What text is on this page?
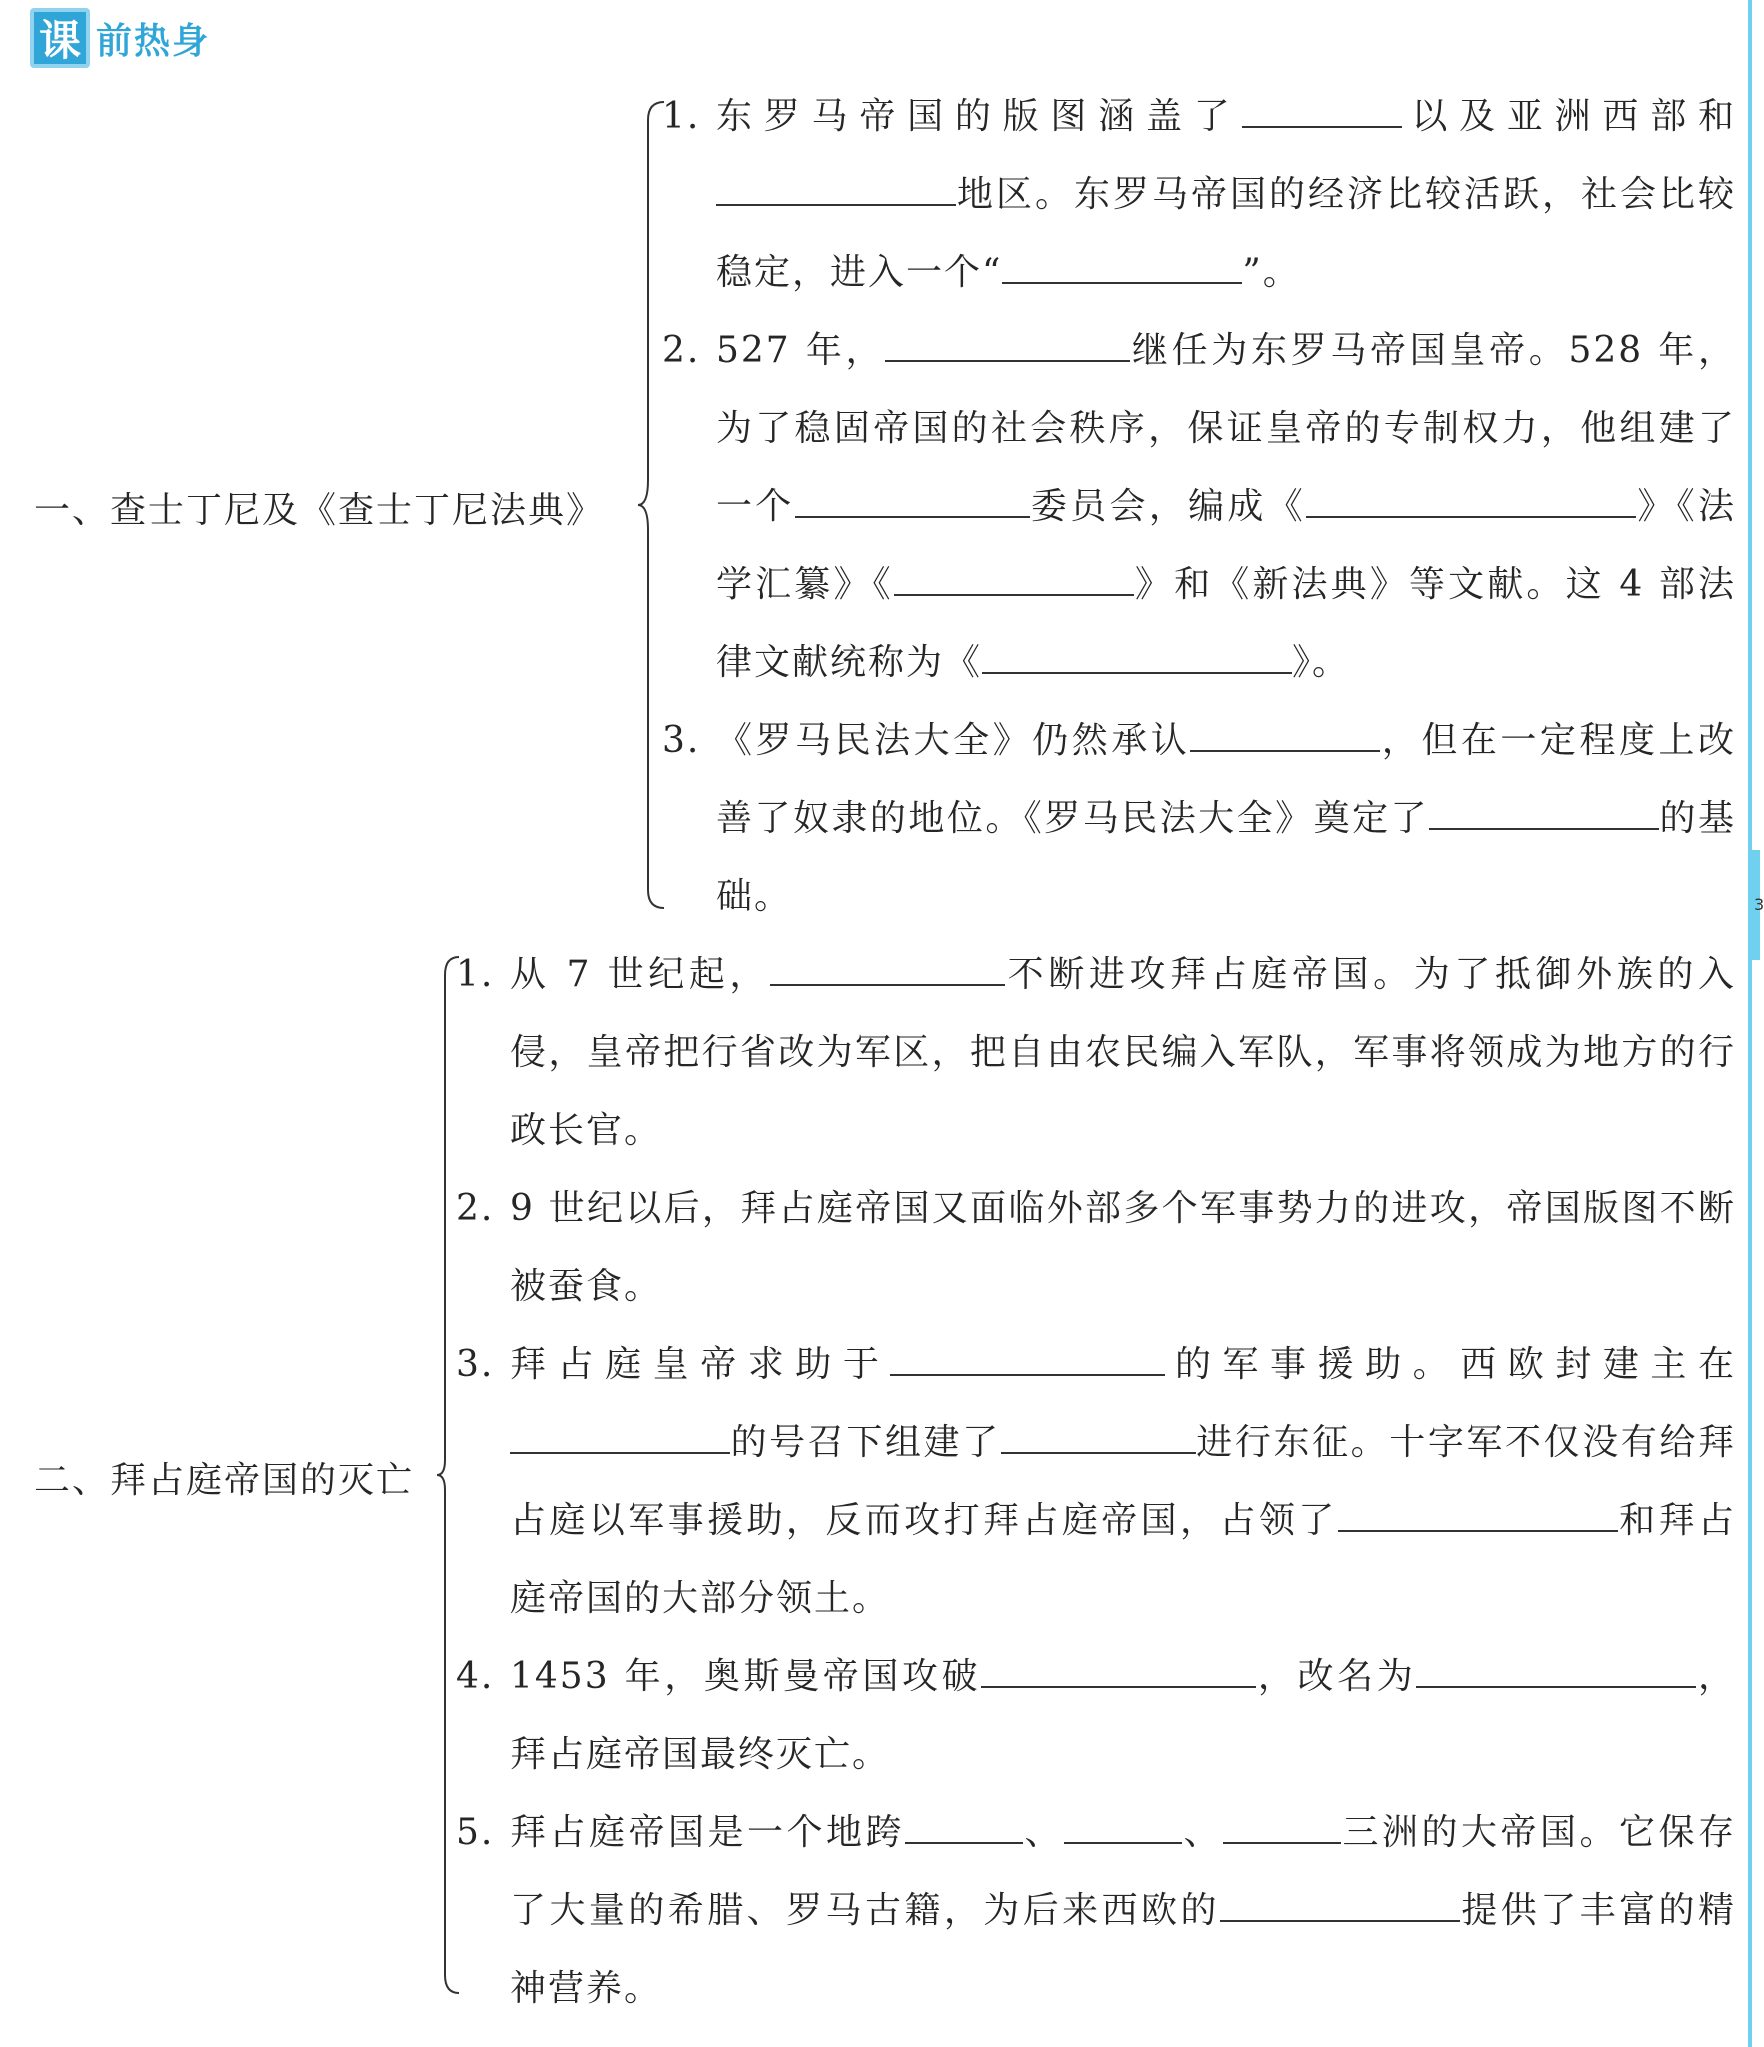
课 前热身
3
一、查士丁尼及《查士丁尼法典》
1. 东罗马帝国的版图涵盖了	以及亚洲西部和地区。东罗马帝国的经济比较活跃，社会比较稳定，进入一个“	”。
2. 527 年，	继任为东罗马帝国皇帝。528 年，为了稳固帝国的社会秩序，保证皇帝的专制权力，他组建了一个	委员会，编成《	》《法学汇纂》《	》和《新法典》等文献。这 4 部法律文献统称为《	》。
3. 《罗马民法大全》仍然承认	，但在一定程度上改善了奴隶的地位。《罗马民法大全》奠定了	的基础。
二、拜占庭帝国的灭亡
1. 从 7 世纪起，	不断进攻拜占庭帝国。为了抵御外族的入侵，皇帝把行省改为军区，把自由农民编入军队，军事将领成为地方的行政长官。
2. 9 世纪以后，拜占庭帝国又面临外部多个军事势力的进攻，帝国版图不断被蚕食。
3. 拜占庭皇帝求助于	的军事援助。西欧封建主在的号召下组建了	进行东征。十字军不仅没有给拜占庭以军事援助，反而攻打拜占庭帝国，占领了	和拜占庭帝国的大部分领土。
4. 1453 年，奥斯曼帝国攻破	，改名为	，拜占庭帝国最终灭亡。
5. 拜占庭帝国是一个地跨	、	、	三洲的大帝国。它保存了大量的希腊、罗马古籍，为后来西欧的	提供了丰富的精神营养。
